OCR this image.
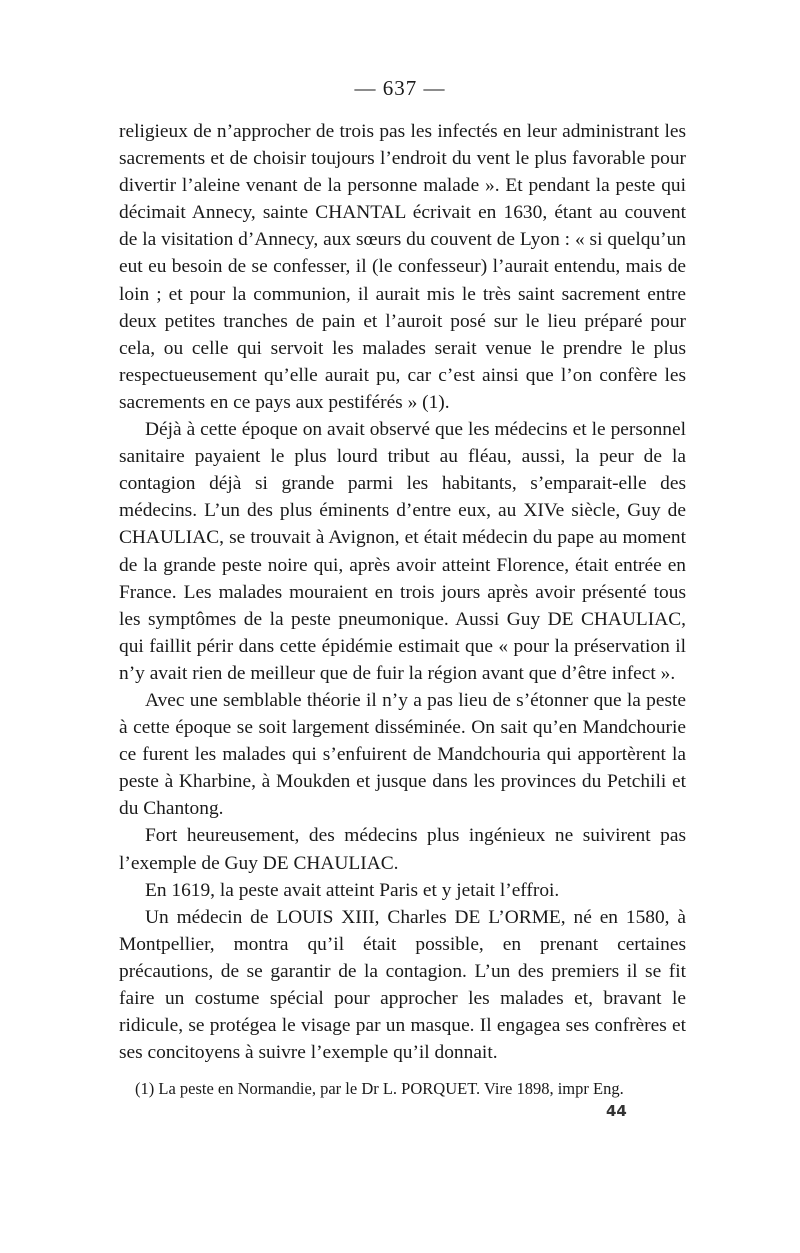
— 637 —

religieux de n’approcher de trois pas les infectés en leur administrant les sacrements et de choisir toujours l’endroit du vent le plus favorable pour divertir l’aleine venant de la personne malade ». Et pendant la peste qui décimait Annecy, sainte CHANTAL écrivait en 1630, étant au couvent de la visitation d’Annecy, aux sœurs du couvent de Lyon : « si quelqu’un eut eu besoin de se confesser, il (le confesseur) l’aurait entendu, mais de loin ; et pour la communion, il aurait mis le très saint sacrement entre deux petites tranches de pain et l’auroit posé sur le lieu préparé pour cela, ou celle qui servoit les malades serait venue le prendre le plus respectueusement qu’elle aurait pu, car c’est ainsi que l’on confère les sacrements en ce pays aux pestiférés » (1).

Déjà à cette époque on avait observé que les médecins et le personnel sanitaire payaient le plus lourd tribut au fléau, aussi, la peur de la contagion déjà si grande parmi les habitants, s’emparait-elle des médecins. L’un des plus éminents d’entre eux, au XIVe siècle, Guy de CHAULIAC, se trouvait à Avignon, et était médecin du pape au moment de la grande peste noire qui, après avoir atteint Florence, était entrée en France. Les malades mouraient en trois jours après avoir présenté tous les symptômes de la peste pneumonique. Aussi Guy DE CHAULIAC, qui faillit périr dans cette épidémie estimait que « pour la préservation il n’y avait rien de meilleur que de fuir la région avant que d’être infect ».

Avec une semblable théorie il n’y a pas lieu de s’étonner que la peste à cette époque se soit largement disséminée. On sait qu’en Mandchourie ce furent les malades qui s’enfuirent de Mandchouria qui apportèrent la peste à Kharbine, à Moukden et jusque dans les provinces du Petchili et du Chantong.

Fort heureusement, des médecins plus ingénieux ne suivirent pas l’exemple de Guy DE CHAULIAC.

En 1619, la peste avait atteint Paris et y jetait l’effroi.

Un médecin de LOUIS XIII, Charles DE L’ORME, né en 1580, à Montpellier, montra qu’il était possible, en prenant certaines précautions, de se garantir de la contagion. L’un des premiers il se fit faire un costume spécial pour approcher les malades et, bravant le ridicule, se protégea le visage par un masque. Il engagea ses confrères et ses concitoyens à suivre l’exemple qu’il donnait.

(1) La peste en Normandie, par le Dr L. PORQUET. Vire 1898, impr Eng.
44
